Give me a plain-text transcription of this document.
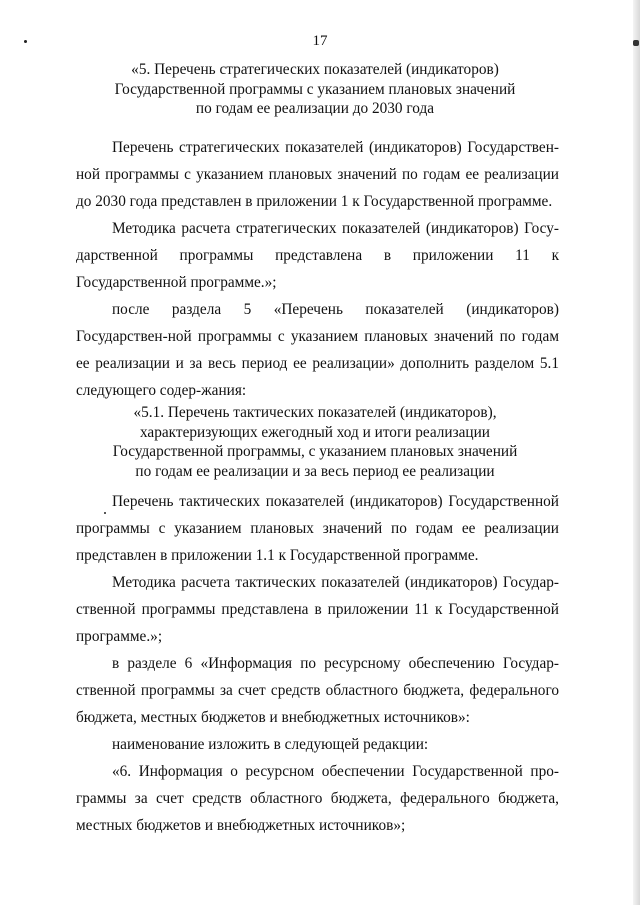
17
«5. Перечень стратегических показателей (индикаторов)
Государственной программы с указанием плановых значений
по годам ее реализации до 2030 года

Перечень стратегических показателей (индикаторов) Государствен-ной программы с указанием плановых значений по годам ее реализации до 2030 года представлен в приложении 1 к Государственной программе.

Методика расчета стратегических показателей (индикаторов) Госу-дарственной программы представлена в приложении 11 к Государственной программе.»;

после раздела 5 «Перечень показателей (индикаторов) Государствен-ной программы с указанием плановых значений по годам ее реализации и за весь период ее реализации» дополнить разделом 5.1 следующего содер-жания:

«5.1. Перечень тактических показателей (индикаторов),
характеризующих ежегодный ход и итоги реализации
Государственной программы, с указанием плановых значений
по годам ее реализации и за весь период ее реализации

Перечень тактических показателей (индикаторов) Государственной программы с указанием плановых значений по годам ее реализации представлен в приложении 1.1 к Государственной программе.

Методика расчета тактических показателей (индикаторов) Государ-ственной программы представлена в приложении 11 к Государственной программе.»;

в разделе 6 «Информация по ресурсному обеспечению Государ-ственной программы за счет средств областного бюджета, федерального бюджета, местных бюджетов и внебюджетных источников»:

наименование изложить в следующей редакции:

«6. Информация о ресурсном обеспечении Государственной про-граммы за счет средств областного бюджета, федерального бюджета, местных бюджетов и внебюджетных источников»;
